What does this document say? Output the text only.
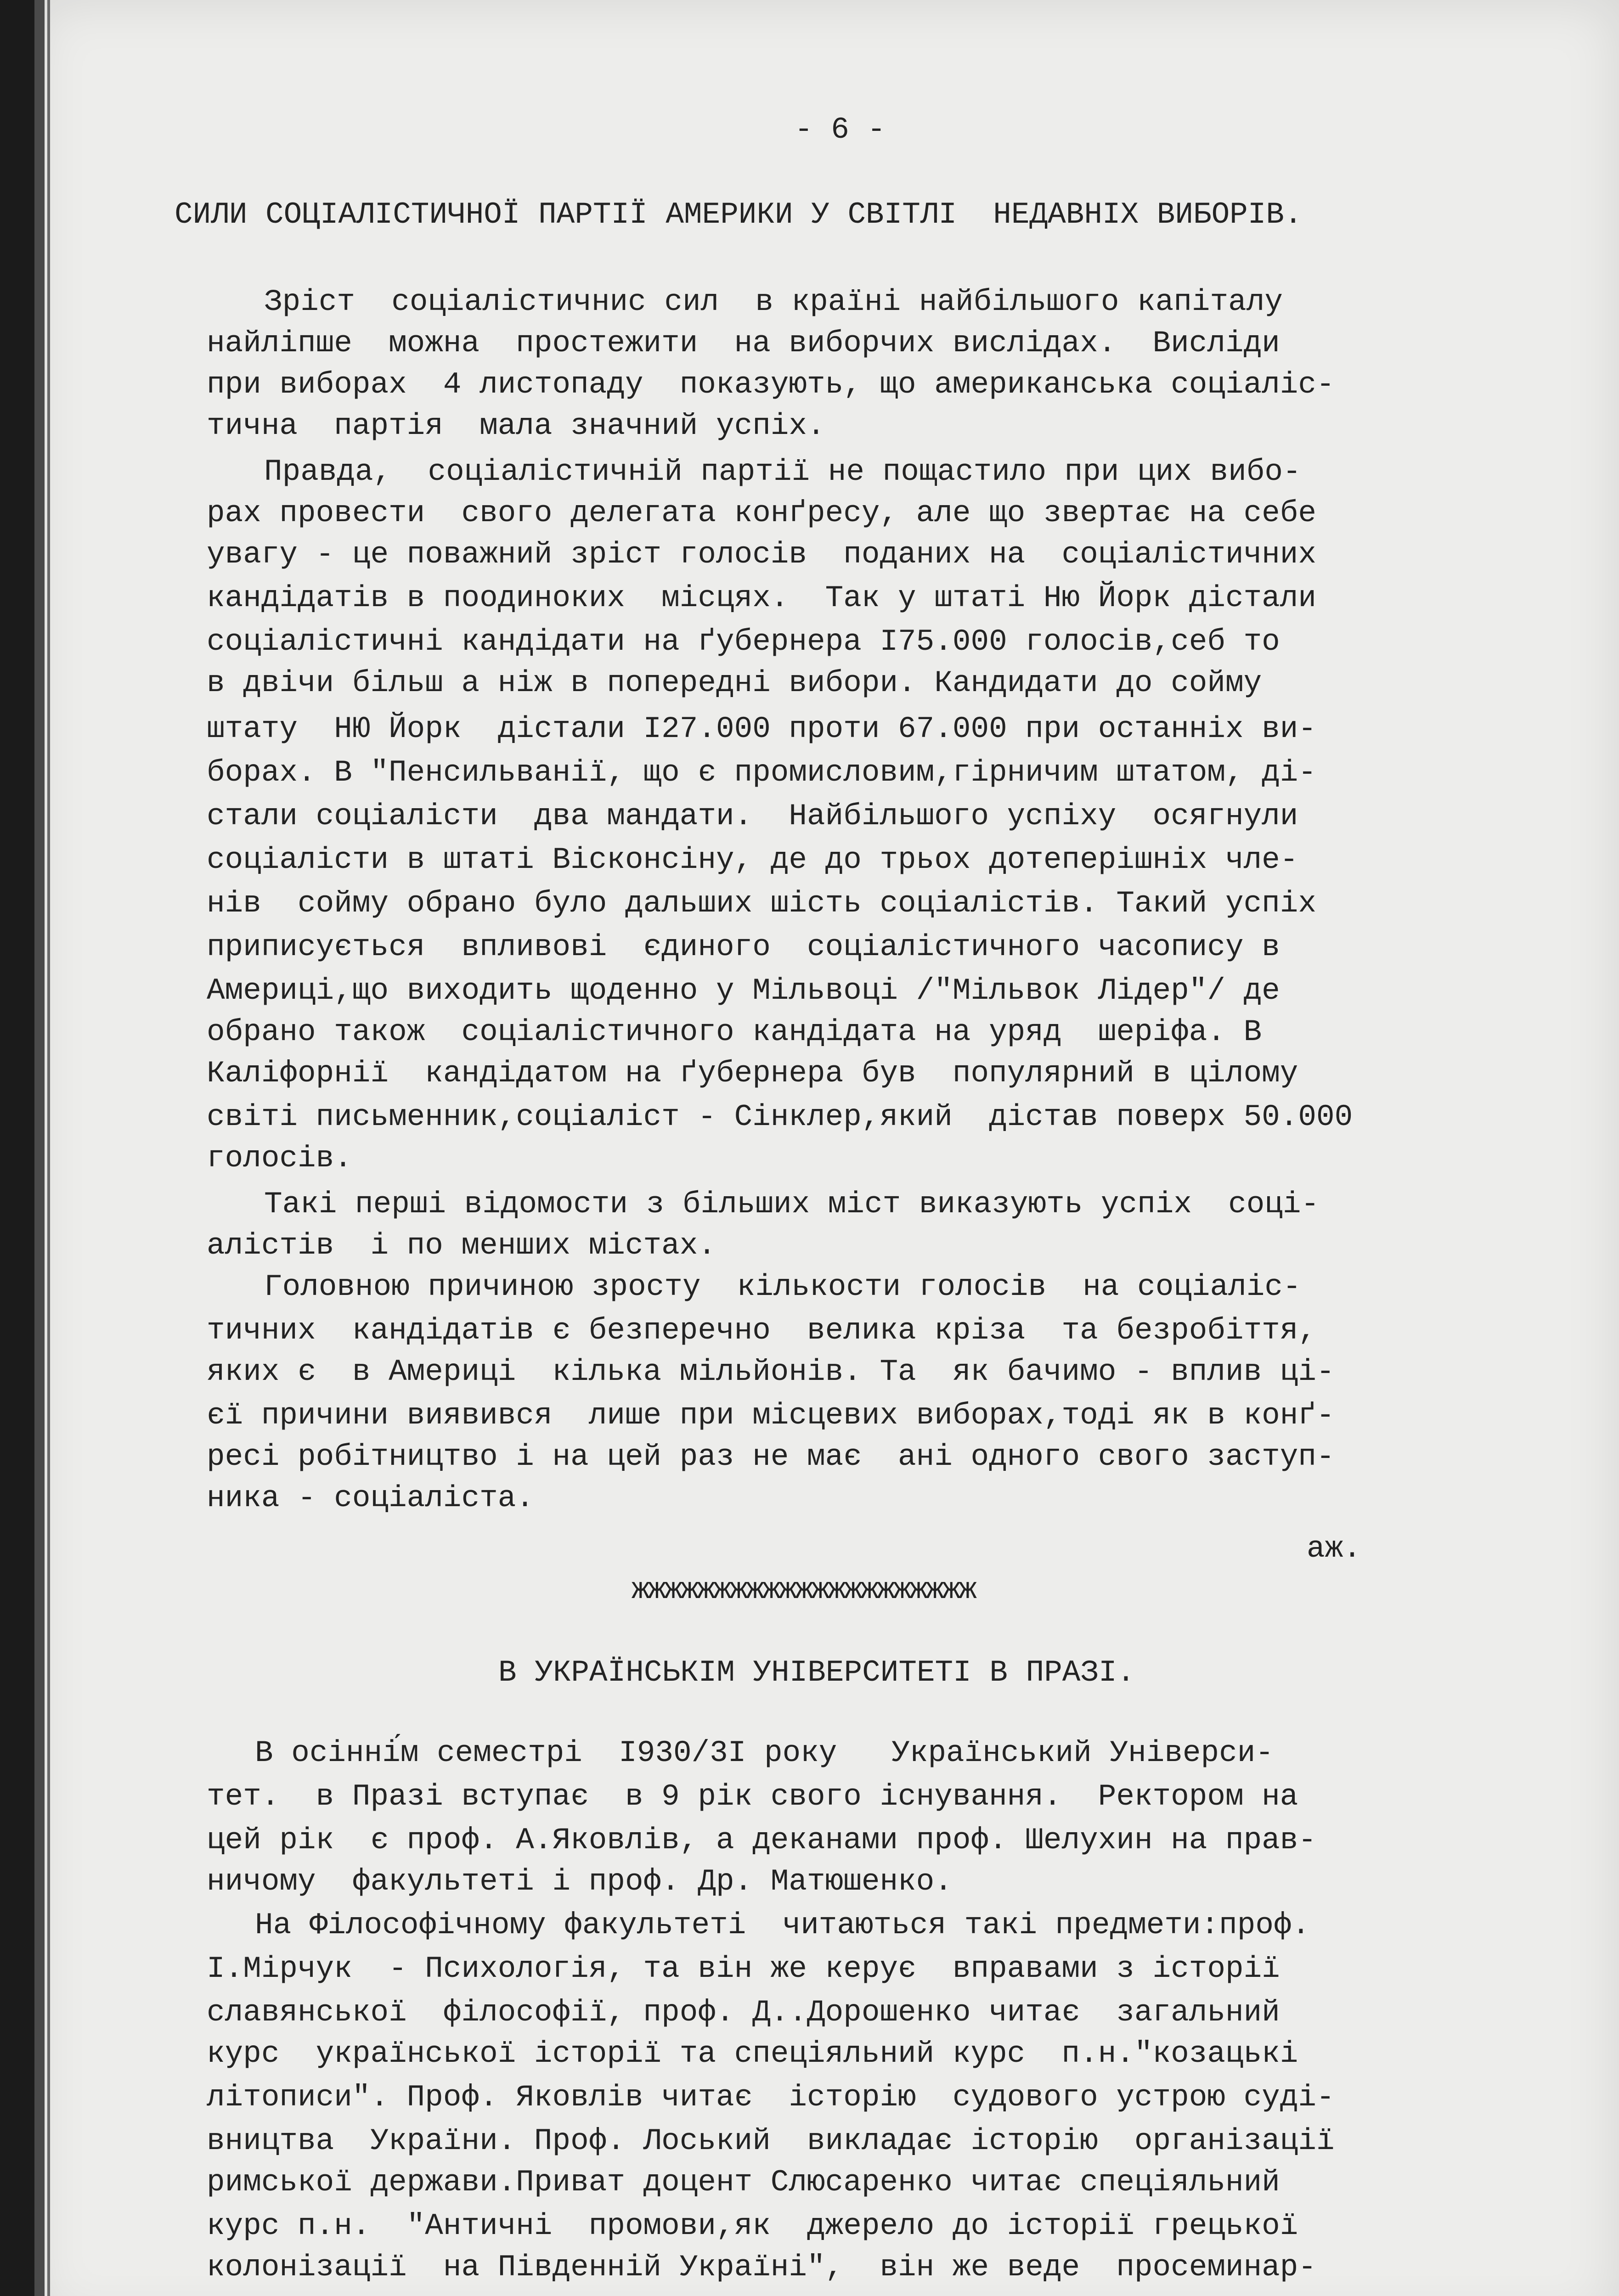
- 6 -
СИЛИ СОЦІАЛІСТИЧНОЇ ПАРТІЇ АМЕРИКИ У СВІТЛІ  НЕДАВНІХ ВИБОРІВ.
Зріст  соціалістичнис сил  в країні найбільшого капіталу
найліпше  можна  простежити  на виборчих вислідах.  Висліди
при виборах  4 листопаду  показують, що американська соціаліс-
тична  партія  мала значний успіх.
Правда,  соціалістичній партії не пощастило при цих вибо-
рах провести  свого делегата конґресу, але що звертає на себе
увагу - це поважний зріст голосів  поданих на  соціалістичних
кандідатів в поодиноких  місцях.  Так у штаті Ню Йорк дістали
соціалістичні кандідати на ґубернера I75.000 голосів,себ то
в двічи більш а ніж в попередні вибори. Кандидати до сойму
штату  НЮ Йорк  дістали I27.000 проти 67.000 при останніх ви-
борах. В "Пенсильванії, що є промисловим,гірничим штатом, ді-
стали соціалісти  два мандати.  Найбільшого успіху  осягнули
соціалісти в штаті Вісконсіну, де до трьох дотеперішніх чле-
нів  сойму обрано було дальших шість соціалістів. Такий успіх
приписується  впливові  єдиного  соціалістичного часопису в
Америці,що виходить щоденно у Мільвоці /"Мільвок Лідер"/ де
обрано також  соціалістичного кандідата на уряд  шеріфа. В
Каліфорнії  кандідатом на ґубернера був  популярний в цілому
світі письменник,соціаліст - Сінклер,який  дістав поверх 50.000
голосів.
Такі перші відомости з більших міст виказують успіх  соці-
алістів  і по менших містах.
Головною причиною зросту  кількости голосів  на соціаліс-
тичних  кандідатів є безперечно  велика кріза  та безробіття,
яких є  в Америці  кілька мільйонів. Та  як бачимо - вплив ці-
єї причини виявився  лише при місцевих виборах,тоді як в конґ-
ресі робітництво і на цей раз не має  ані одного свого заступ-
ника - соціаліста.
аж.
жжжжжжжжжжжжжжжжжжжжж
В УКРАЇНСЬКІМ УНІВЕРСИТЕТІ В ПРАЗІ.
В осінні́м семестрі  I930/3I року   Український Універси-
тет.  в Празі вступає  в 9 рік свого існування.  Ректором на
цей рік  є проф. А.Яковлів, а деканами проф. Шелухин на прав-
ничому  факультеті і проф. Др. Матюшенко.
На Філософічному факультеті  читаються такі предмети:проф.
І.Мірчук  - Психологія, та він же керує  вправами з історії
славянської  філософії, проф. Д..Дорошенко читає  загальний
курс  української історії та спеціяльний курс  п.н."козацькі
літописи". Проф. Яковлів читає  історію  судового устрою суді-
вництва  України. Проф. Лоський  викладає історію  організації
римської держави.Приват доцент Слюсаренко читає спеціяльний
курс п.н.  "Античні  промови,як  джерело до історії грецької
колонізації  на Південній Україні",  він же веде  просеминар-
